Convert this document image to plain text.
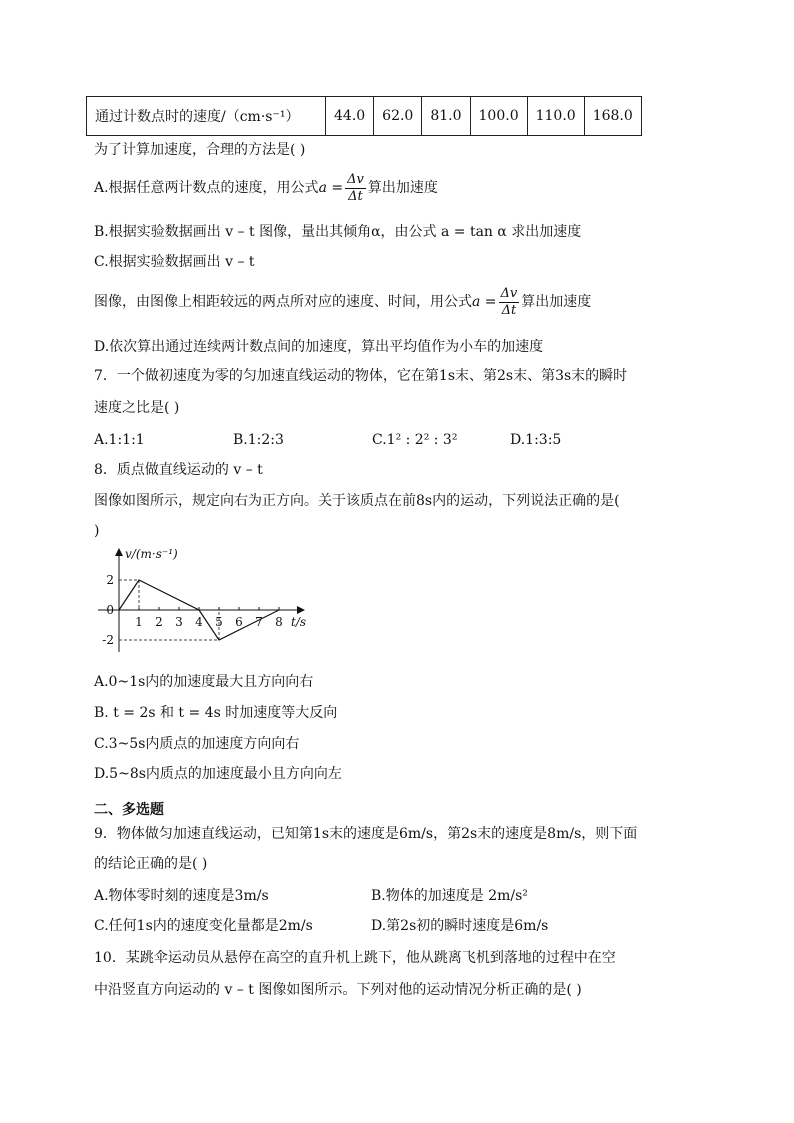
通过计数点时的速度/（cm·s⁻¹）	44.0	62.0	81.0	100.0	110.0	168.0
为了计算加速度，合理的方法是( )
A.根据任意两计数点的速度，用公式$a = \frac{\Delta v}{\Delta t}$ 算出加速度
B.根据实验数据画出 v – t 图像，量出其倾角α，由公式 a = tan α 求出加速度
C.根据实验数据画出 v – t
图像，由图像上相距较远的两点所对应的速度、时间，用公式$a = \frac{\Delta v}{\Delta t}$ 算出加速度
D.依次算出通过连续两计数点间的加速度，算出平均值作为小车的加速度
7．一个做初速度为零的匀加速直线运动的物体，它在第1s末、第2s末、第3s末的瞬时
速度之比是( )
A.1:1:1	B.1:2:3	C.1² : 2² : 3²	D.1:3:5
8．质点做直线运动的 v – t
图像如图所示，规定向右为正方向。关于该质点在前8s内的运动，下列说法正确的是(
)
1 2 3 4 5 6 7 8
2
0
-2
v/(m·s⁻¹)
t/s
A.0~1s内的加速度最大且方向向右
B. t = 2s 和 t = 4s 时加速度等大反向
C.3~5s内质点的加速度方向向右
D.5~8s内质点的加速度最小且方向向左
二、多选题
9．物体做匀加速直线运动，已知第1s末的速度是6m/s，第2s末的速度是8m/s，则下面
的结论正确的是( )
A.物体零时刻的速度是3m/s	B.物体的加速度是 2m/s²
C.任何1s内的速度变化量都是2m/s	D.第2s初的瞬时速度是6m/s
10．某跳伞运动员从悬停在高空的直升机上跳下，他从跳离飞机到落地的过程中在空
中沿竖直方向运动的 v – t 图像如图所示。下列对他的运动情况分析正确的是( )
